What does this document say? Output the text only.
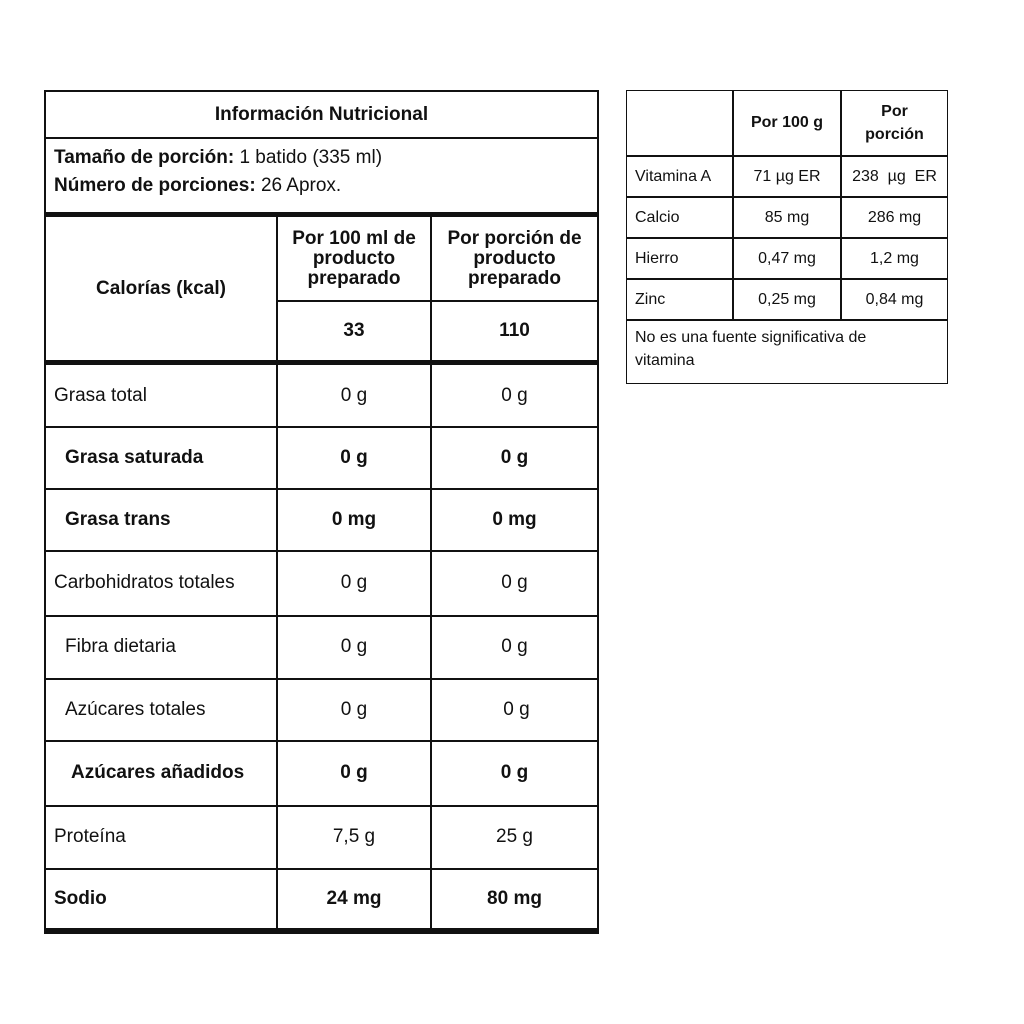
Información Nutricional
Tamaño de porción:
1 batido (335 ml)
Número de porciones:
26 Aprox.
Calorías (kcal)
Por 100 ml de producto preparado
Por porción de producto preparado
33	110
Grasa total	0 g	0 g
Grasa saturada	0 g	0 g
Grasa trans	0 mg	0 mg
Carbohidratos totales	0 g	0 g
Fibra dietaria	0 g	0 g
Azúcares totales	0 g	0 g
Azúcares añadidos	0 g	0 g
Proteína	7,5 g	25 g
Sodio	24 mg	80 mg
Por 100 g
Por porción
Vitamina A	71 µg ER	238  µg  ER
Calcio	85 mg	286 mg
Hierro	0,47 mg	1,2 mg
Zinc	0,25 mg	0,84 mg
No es una fuente significativa de vitamina
